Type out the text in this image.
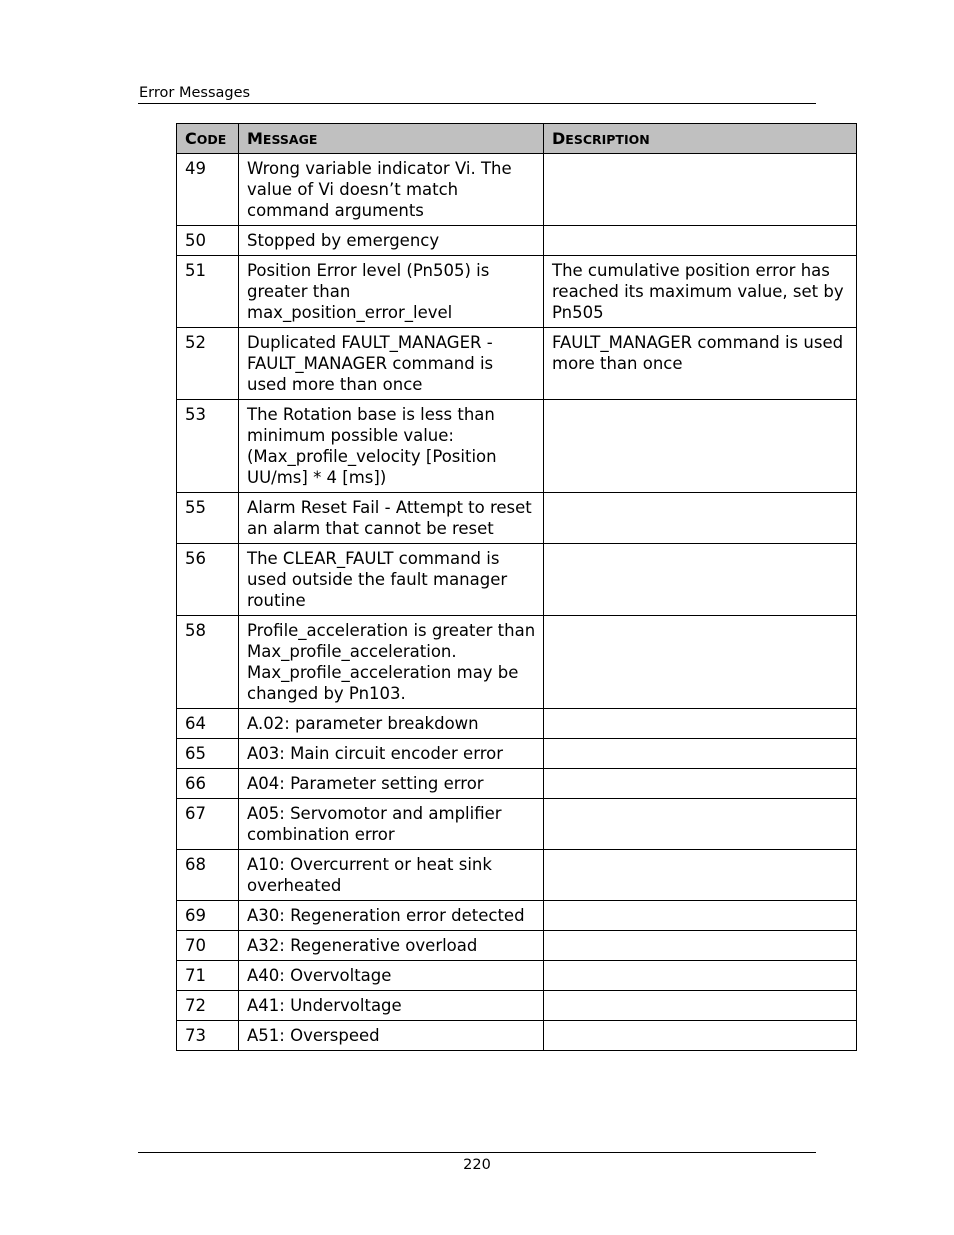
Error Messages
CODE	MESSAGE	DESCRIPTION
49	Wrong variable indicator Vi. The value of Vi doesn’t match command arguments	
50	Stopped by emergency	
51	Position Error level (Pn505) is greater than max_position_error_level	The cumulative position error has reached its maximum value, set by Pn505
52	Duplicated FAULT_MANAGER - FAULT_MANAGER command is used more than once	FAULT_MANAGER command is used more than once
53	The Rotation base is less than minimum possible value: (Max_profile_velocity [Position UU/ms] * 4 [ms])	
55	Alarm Reset Fail - Attempt to reset an alarm that cannot be reset	
56	The CLEAR_FAULT command is used outside the fault manager routine	
58	Profile_acceleration is greater than Max_profile_acceleration. Max_profile_acceleration may be changed by Pn103.	
64	A.02: parameter breakdown	
65	A03: Main circuit encoder error	
66	A04: Parameter setting error	
67	A05: Servomotor and amplifier combination error	
68	A10: Overcurrent or heat sink overheated	
69	A30: Regeneration error detected	
70	A32: Regenerative overload	
71	A40: Overvoltage	
72	A41: Undervoltage	
73	A51: Overspeed	
220
